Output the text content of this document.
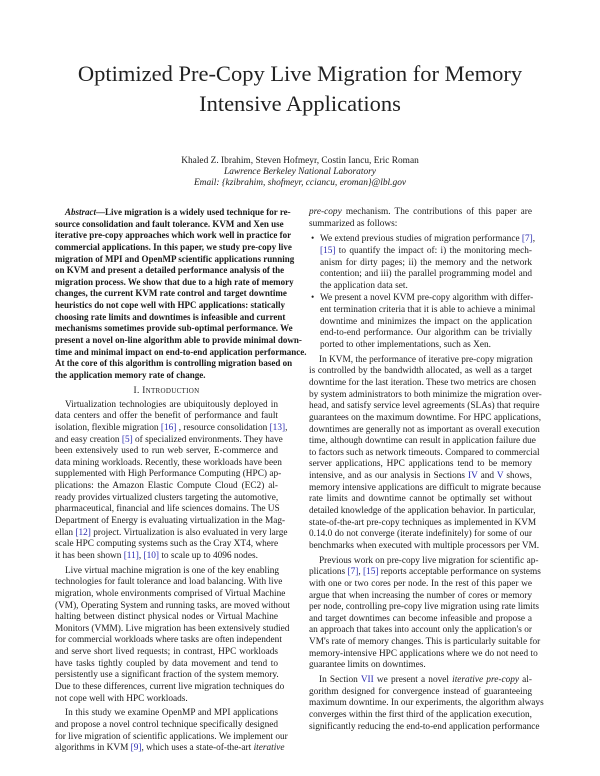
Optimized Pre-Copy Live Migration for Memory
Intensive Applications
Khaled Z. Ibrahim, Steven Hofmeyr, Costin Iancu, Eric Roman
Lawrence Berkeley National Laboratory
Email: {kzibrahim, shofmeyr, cciancu, eroman}@lbl.gov
Abstract—Live migration is a widely used technique for re-
source consolidation and fault tolerance. KVM and Xen use
iterative pre-copy approaches which work well in practice for
commercial applications. In this paper, we study pre-copy live
migration of MPI and OpenMP scientific applications running
on KVM and present a detailed performance analysis of the
migration process. We show that due to a high rate of memory
changes, the current KVM rate control and target downtime
heuristics do not cope well with HPC applications: statically
choosing rate limits and downtimes is infeasible and current
mechanisms sometimes provide sub-optimal performance. We
present a novel on-line algorithm able to provide minimal down-
time and minimal impact on end-to-end application performance.
At the core of this algorithm is controlling migration based on
the application memory rate of change.
I. Introduction
Virtualization technologies are ubiquitously deployed in
data centers and offer the benefit of performance and fault
isolation, flexible migration [16] , resource consolidation [13],
and easy creation [5] of specialized environments. They have
been extensively used to run web server, E-commerce and
data mining workloads. Recently, these workloads have been
supplemented with High Performance Computing (HPC) ap-
plications: the Amazon Elastic Compute Cloud (EC2) al-
ready provides virtualized clusters targeting the automotive,
pharmaceutical, financial and life sciences domains. The US
Department of Energy is evaluating virtualization in the Mag-
ellan [12] project. Virtualization is also evaluated in very large
scale HPC computing systems such as the Cray XT4, where
it has been shown [11], [10] to scale up to 4096 nodes.
Live virtual machine migration is one of the key enabling
technologies for fault tolerance and load balancing. With live
migration, whole environments comprised of Virtual Machine
(VM), Operating System and running tasks, are moved without
halting between distinct physical nodes or Virtual Machine
Monitors (VMM). Live migration has been extensively studied
for commercial workloads where tasks are often independent
and serve short lived requests; in contrast, HPC workloads
have tasks tightly coupled by data movement and tend to
persistently use a significant fraction of the system memory.
Due to these differences, current live migration techniques do
not cope well with HPC workloads.
In this study we examine OpenMP and MPI applications
and propose a novel control technique specifically designed
for live migration of scientific applications. We implement our
algorithms in KVM [9], which uses a state-of-the-art iterative
pre-copy mechanism. The contributions of this paper are
summarized as follows:
• We extend previous studies of migration performance [7],
[15] to quantify the impact of: i) the monitoring mech-
anism for dirty pages; ii) the memory and the network
contention; and iii) the parallel programming model and
the application data set.
• We present a novel KVM pre-copy algorithm with differ-
ent termination criteria that it is able to achieve a minimal
downtime and minimizes the impact on the application
end-to-end performance. Our algorithm can be trivially
ported to other implementations, such as Xen.
In KVM, the performance of iterative pre-copy migration
is controlled by the bandwidth allocated, as well as a target
downtime for the last iteration. These two metrics are chosen
by system administrators to both minimize the migration over-
head, and satisfy service level agreements (SLAs) that require
guarantees on the maximum downtime. For HPC applications,
downtimes are generally not as important as overall execution
time, although downtime can result in application failure due
to factors such as network timeouts. Compared to commercial
server applications, HPC applications tend to be memory
intensive, and as our analysis in Sections IV and V shows,
memory intensive applications are difficult to migrate because
rate limits and downtime cannot be optimally set without
detailed knowledge of the application behavior. In particular,
state-of-the-art pre-copy techniques as implemented in KVM
0.14.0 do not converge (iterate indefinitely) for some of our
benchmarks when executed with multiple processors per VM.
Previous work on pre-copy live migration for scientific ap-
plications [7], [15] reports acceptable performance on systems
with one or two cores per node. In the rest of this paper we
argue that when increasing the number of cores or memory
per node, controlling pre-copy live migration using rate limits
and target downtimes can become infeasible and propose a
an approach that takes into account only the application's or
VM's rate of memory changes. This is particularly suitable for
memory-intensive HPC applications where we do not need to
guarantee limits on downtimes.
In Section VII we present a novel iterative pre-copy al-
gorithm designed for convergence instead of guaranteeing
maximum downtime. In our experiments, the algorithm always
converges within the first third of the application execution,
significantly reducing the end-to-end application performance
